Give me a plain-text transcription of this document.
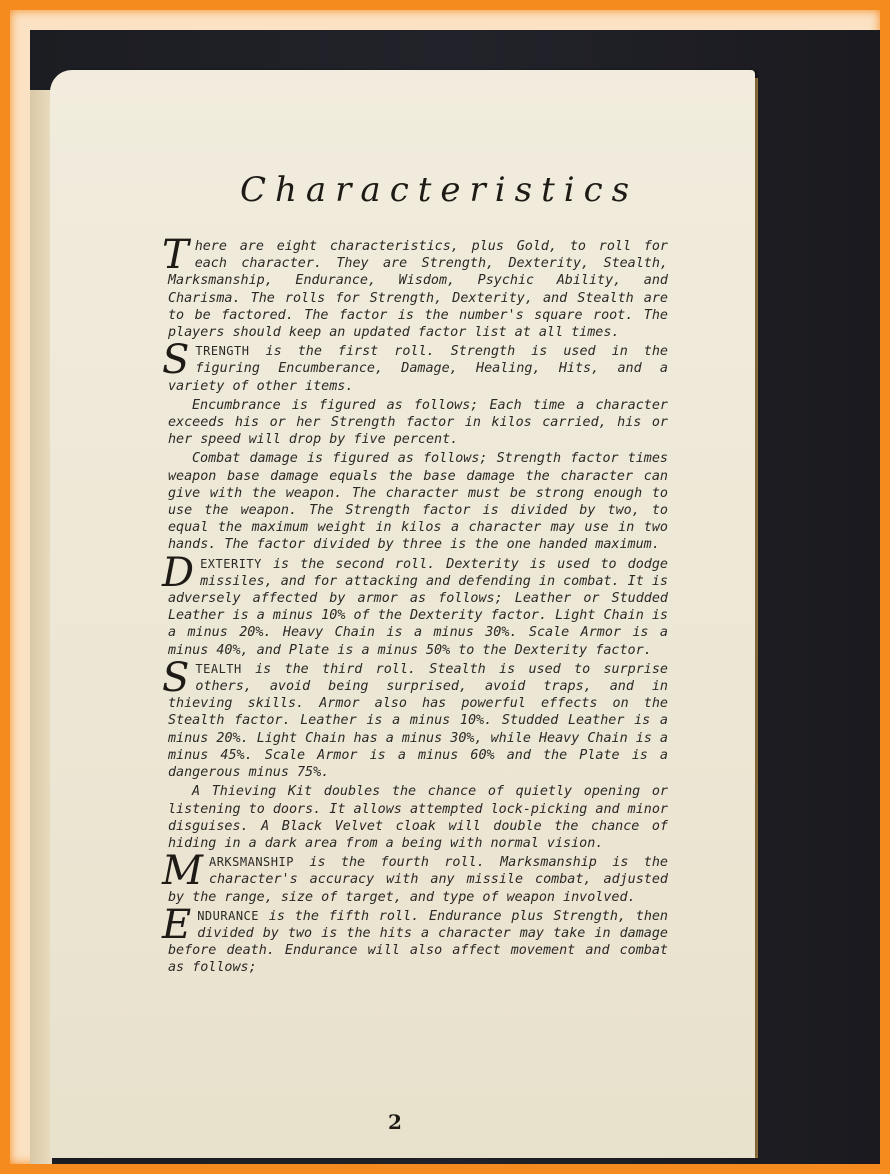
Characteristics

There are eight characteristics, plus Gold, to roll for each character. They are Strength, Dexterity, Stealth, Marksmanship, Endurance, Wisdom, Psychic Ability, and Charisma. The rolls for Strength, Dexterity, and Stealth are to be factored. The factor is the number's square root. The players should keep an updated factor list at all times.

STRENGTH is the first roll. Strength is used in the figuring Encumberance, Damage, Healing, Hits, and a variety of other items.

Encumbrance is figured as follows; Each time a character exceeds his or her Strength factor in kilos carried, his or her speed will drop by five percent.

Combat damage is figured as follows; Strength factor times weapon base damage equals the base damage the character can give with the weapon. The character must be strong enough to use the weapon. The Strength factor is divided by two, to equal the maximum weight in kilos a character may use in two hands. The factor divided by three is the one handed maximum.

DEXTERITY is the second roll. Dexterity is used to dodge missiles, and for attacking and defending in combat. It is adversely affected by armor as follows; Leather or Studded Leather is a minus 10% of the Dexterity factor. Light Chain is a minus 20%. Heavy Chain is a minus 30%. Scale Armor is a minus 40%, and Plate is a minus 50% to the Dexterity factor.

STEALTH is the third roll. Stealth is used to surprise others, avoid being surprised, avoid traps, and in thieving skills. Armor also has powerful effects on the Stealth factor. Leather is a minus 10%. Studded Leather is a minus 20%. Light Chain has a minus 30%, while Heavy Chain is a minus 45%. Scale Armor is a minus 60% and the Plate is a dangerous minus 75%.

A Thieving Kit doubles the chance of quietly opening or listening to doors. It allows attempted lock-picking and minor disguises. A Black Velvet cloak will double the chance of hiding in a dark area from a being with normal vision.

MARKSMANSHIP is the fourth roll. Marksmanship is the character's accuracy with any missile combat, adjusted by the range, size of target, and type of weapon involved.

ENDURANCE is the fifth roll. Endurance plus Strength, then divided by two is the hits a character may take in damage before death. Endurance will also affect movement and combat as follows;

2
